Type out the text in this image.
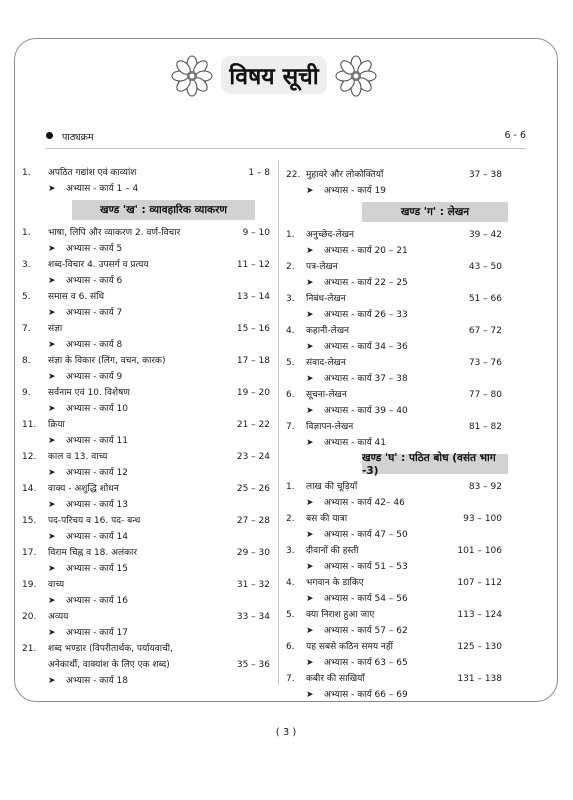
विषय सूची
पाठ्यक्रम	6 - 6
( 3 )
1. अपठित गद्यांश एवं काव्यांश	1 – 8
➤ अभ्यास - कार्य 1 – 4
खण्ड 'ख' : व्यावहारिक व्याकरण
1. भाषा, लिपि और व्याकरण 2. वर्ण-विचार	9 – 10
➤ अभ्यास - कार्य 5
3. शब्द-विचार 4. उपसर्ग व प्रत्यय	11 – 12
➤ अभ्यास - कार्य 6
5. समास व 6. संधि	13 – 14
➤ अभ्यास - कार्य 7
7. संज्ञा	15 – 16
➤ अभ्यास - कार्य 8
8. संज्ञा के विकार (लिंग, वचन, कारक)	17 – 18
➤ अभ्यास - कार्य 9
9. सर्वनाम एवं 10. विशेषण	19 – 20
➤ अभ्यास - कार्य 10
11. क्रिया	21 – 22
➤ अभ्यास - कार्य 11
12. काल व 13. वाच्य	23 – 24
➤ अभ्यास - कार्य 12
14. वाक्य - अशुद्धि शोधन	25 – 26
➤ अभ्यास - कार्य 13
15. पद-परिचय व 16. पद- बन्ध	27 – 28
➤ अभ्यास - कार्य 14
17. विराम चिह्न व 18. अलंकार	29 – 30
➤ अभ्यास - कार्य 15
19. वाच्य	31 – 32
➤ अभ्यास - कार्य 16
20. अव्यय	33 – 34
➤ अभ्यास - कार्य 17
21. शब्द भण्डार (विपरीतार्थक, पर्यायवाची,
अनेकार्थी, वाक्यांश के लिए एक शब्द)	35 – 36
➤ अभ्यास - कार्य 18
22. मुहावरे और लोकोक्तियाँ	37 – 38
➤ अभ्यास - कार्य 19
खण्ड 'ग' : लेखन
1. अनुच्छेद-लेखन	39 – 42
➤ अभ्यास - कार्य 20 – 21
2. पत्र-लेखन	43 – 50
➤ अभ्यास - कार्य 22 – 25
3. निबंध-लेखन	51 – 66
➤ अभ्यास - कार्य 26 – 33
4. कहानी-लेखन	67 – 72
➤ अभ्यास - कार्य 34 – 36
5. संवाद-लेखन	73 – 76
➤ अभ्यास - कार्य 37 – 38
6. सूचना-लेखन	77 – 80
➤ अभ्यास - कार्य 39 – 40
7. विज्ञापन-लेखन	81 – 82
➤ अभ्यास - कार्य 41
खण्ड 'घ' : पठित बोध (वसंत भाग -3)
1. लाख की चूड़ियाँ	83 – 92
➤ अभ्यास - कार्य 42– 46
2. बस की यात्रा	93 – 100
➤ अभ्यास - कार्य 47 – 50
3. दीवानों की हस्ती	101 – 106
➤ अभ्यास - कार्य 51 – 53
4. भगवान के डाकिए	107 – 112
➤ अभ्यास - कार्य 54 – 56
5. क्या निराश हुआ जाए	113 – 124
➤ अभ्यास - कार्य 57 – 62
6. यह सबसे कठिन समय नहीं	125 – 130
➤ अभ्यास - कार्य 63 – 65
7. कबीर की साखियाँ	131 – 138
➤ अभ्यास - कार्य 66 – 69
